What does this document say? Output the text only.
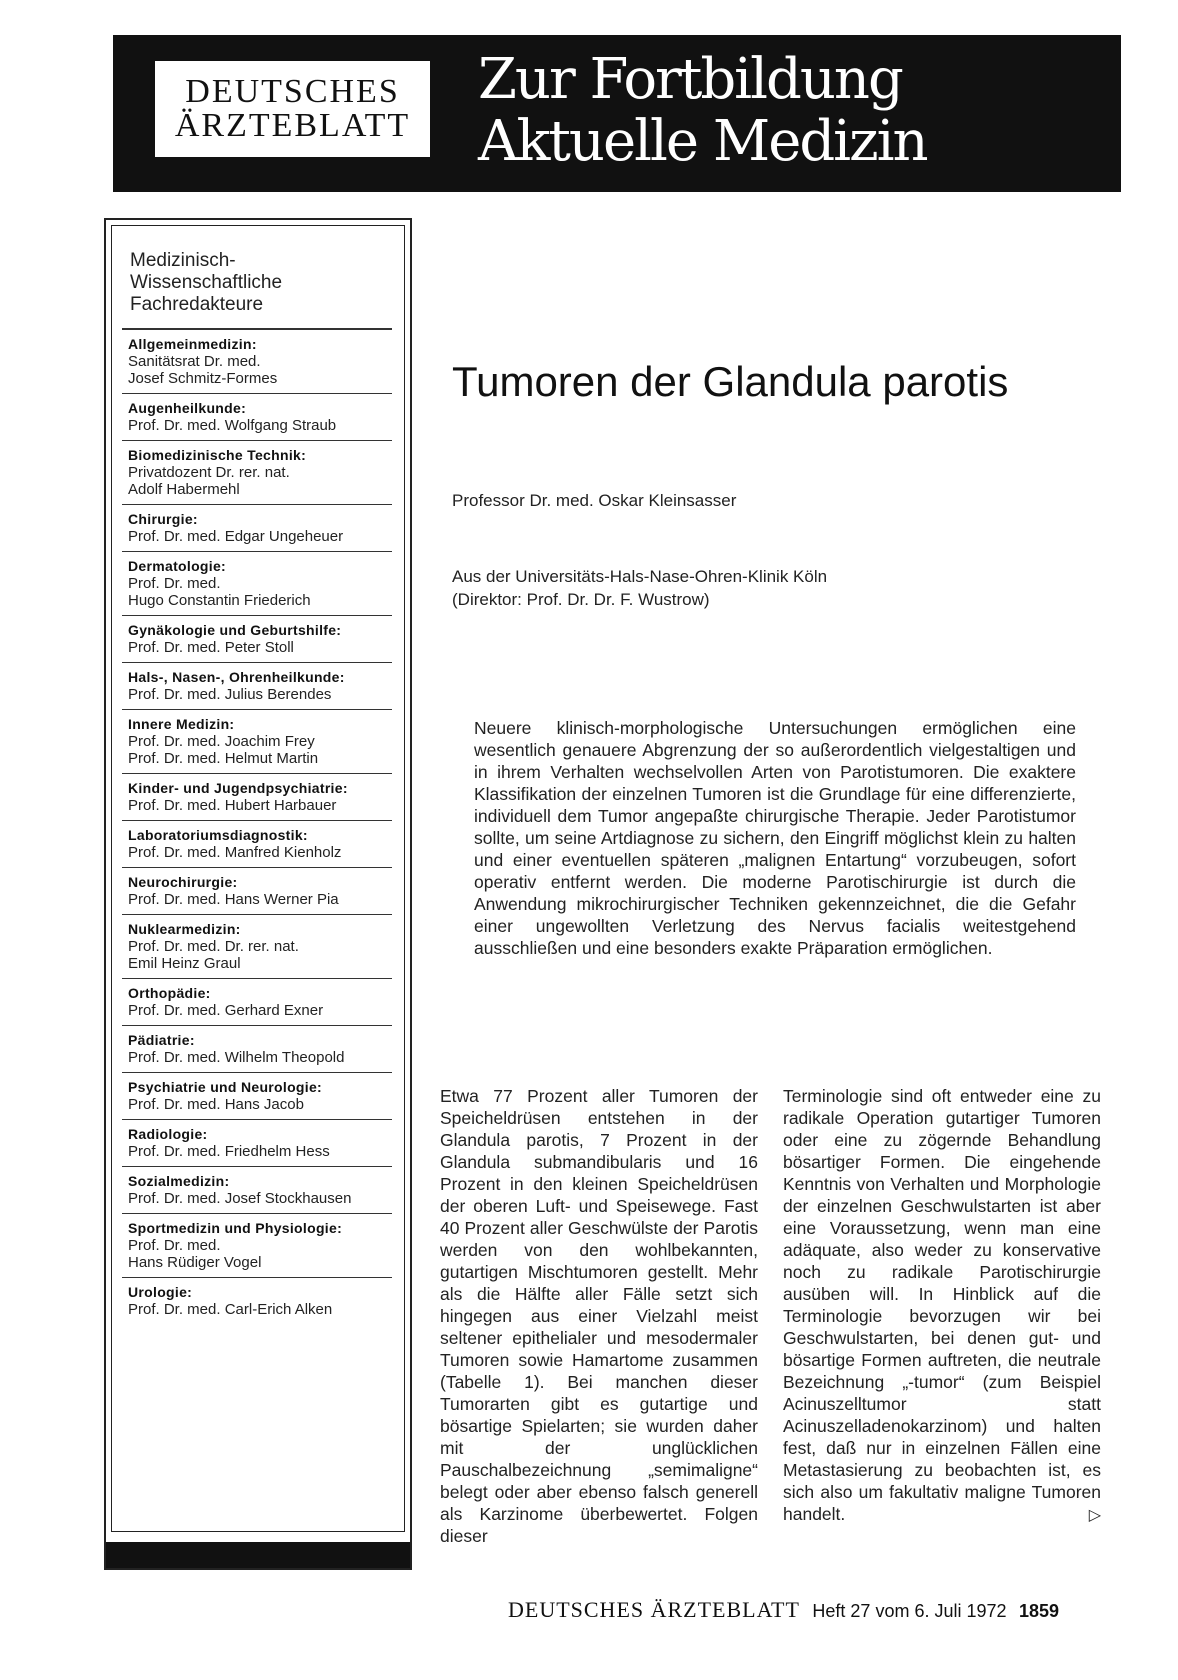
DEUTSCHES
ÄRZTEBLATT
Zur Fortbildung
Aktuelle Medizin
Medizinisch-
Wissenschaftliche
Fachredakteure
Allgemeinmedizin:
Sanitätsrat Dr. med.
Josef Schmitz-Formes
Augenheilkunde:
Prof. Dr. med. Wolfgang Straub
Biomedizinische Technik:
Privatdozent Dr. rer. nat.
Adolf Habermehl
Chirurgie:
Prof. Dr. med. Edgar Ungeheuer
Dermatologie:
Prof. Dr. med.
Hugo Constantin Friederich
Gynäkologie und Geburtshilfe:
Prof. Dr. med. Peter Stoll
Hals-, Nasen-, Ohrenheilkunde:
Prof. Dr. med. Julius Berendes
Innere Medizin:
Prof. Dr. med. Joachim Frey
Prof. Dr. med. Helmut Martin
Kinder- und Jugendpsychiatrie:
Prof. Dr. med. Hubert Harbauer
Laboratoriumsdiagnostik:
Prof. Dr. med. Manfred Kienholz
Neurochirurgie:
Prof. Dr. med. Hans Werner Pia
Nuklearmedizin:
Prof. Dr. med. Dr. rer. nat.
Emil Heinz Graul
Orthopädie:
Prof. Dr. med. Gerhard Exner
Pädiatrie:
Prof. Dr. med. Wilhelm Theopold
Psychiatrie und Neurologie:
Prof. Dr. med. Hans Jacob
Radiologie:
Prof. Dr. med. Friedhelm Hess
Sozialmedizin:
Prof. Dr. med. Josef Stockhausen
Sportmedizin und Physiologie:
Prof. Dr. med.
Hans Rüdiger Vogel
Urologie:
Prof. Dr. med. Carl-Erich Alken
Tumoren der Glandula parotis
Professor Dr. med. Oskar Kleinsasser
Aus der Universitäts-Hals-Nase-Ohren-Klinik Köln
(Direktor: Prof. Dr. Dr. F. Wustrow)
Neuere klinisch-morphologische Untersuchungen ermöglichen eine wesentlich genauere Abgrenzung der so außerordentlich vielgestaltigen und in ihrem Verhalten wechselvollen Arten von Parotistumoren. Die exaktere Klassifikation der einzelnen Tumoren ist die Grundlage für eine differenzierte, individuell dem Tumor angepaßte chirurgische Therapie. Jeder Parotistumor sollte, um seine Artdiagnose zu sichern, den Eingriff möglichst klein zu halten und einer eventuellen späteren „malignen Entartung“ vorzubeugen, sofort operativ entfernt werden. Die moderne Parotischirurgie ist durch die Anwendung mikrochirurgischer Techniken gekennzeichnet, die die Gefahr einer ungewollten Verletzung des Nervus facialis weitestgehend ausschließen und eine besonders exakte Präparation ermöglichen.
Etwa 77 Prozent aller Tumoren der Speicheldrüsen entstehen in der Glandula parotis, 7 Prozent in der Glandula submandibularis und 16 Prozent in den kleinen Speicheldrüsen der oberen Luft- und Speisewege. Fast 40 Prozent aller Geschwülste der Parotis werden von den wohlbekannten, gutartigen Mischtumoren gestellt. Mehr als die Hälfte aller Fälle setzt sich hingegen aus einer Vielzahl meist seltener epithelialer und mesodermaler Tumoren sowie Hamartome zusammen (Tabelle 1). Bei manchen dieser Tumorarten gibt es gutartige und bösartige Spielarten; sie wurden daher mit der unglücklichen Pauschalbezeichnung „semimaligne“ belegt oder aber ebenso falsch generell als Karzinome überbewertet. Folgen dieser
Terminologie sind oft entweder eine zu radikale Operation gutartiger Tumoren oder eine zu zögernde Behandlung bösartiger Formen. Die eingehende Kenntnis von Verhalten und Morphologie der einzelnen Geschwulstarten ist aber eine Voraussetzung, wenn man eine adäquate, also weder zu konservative noch zu radikale Parotischirurgie ausüben will. In Hinblick auf die Terminologie bevorzugen wir bei Geschwulstarten, bei denen gut- und bösartige Formen auftreten, die neutrale Bezeichnung „-tumor“ (zum Beispiel Acinuszelltumor statt Acinuszelladenokarzinom) und halten fest, daß nur in einzelnen Fällen eine Metastasierung zu beobachten ist, es sich also um fakultativ maligne Tumoren handelt.	▷
DEUTSCHES ÄRZTEBLATT Heft 27 vom 6. Juli 1972 1859
